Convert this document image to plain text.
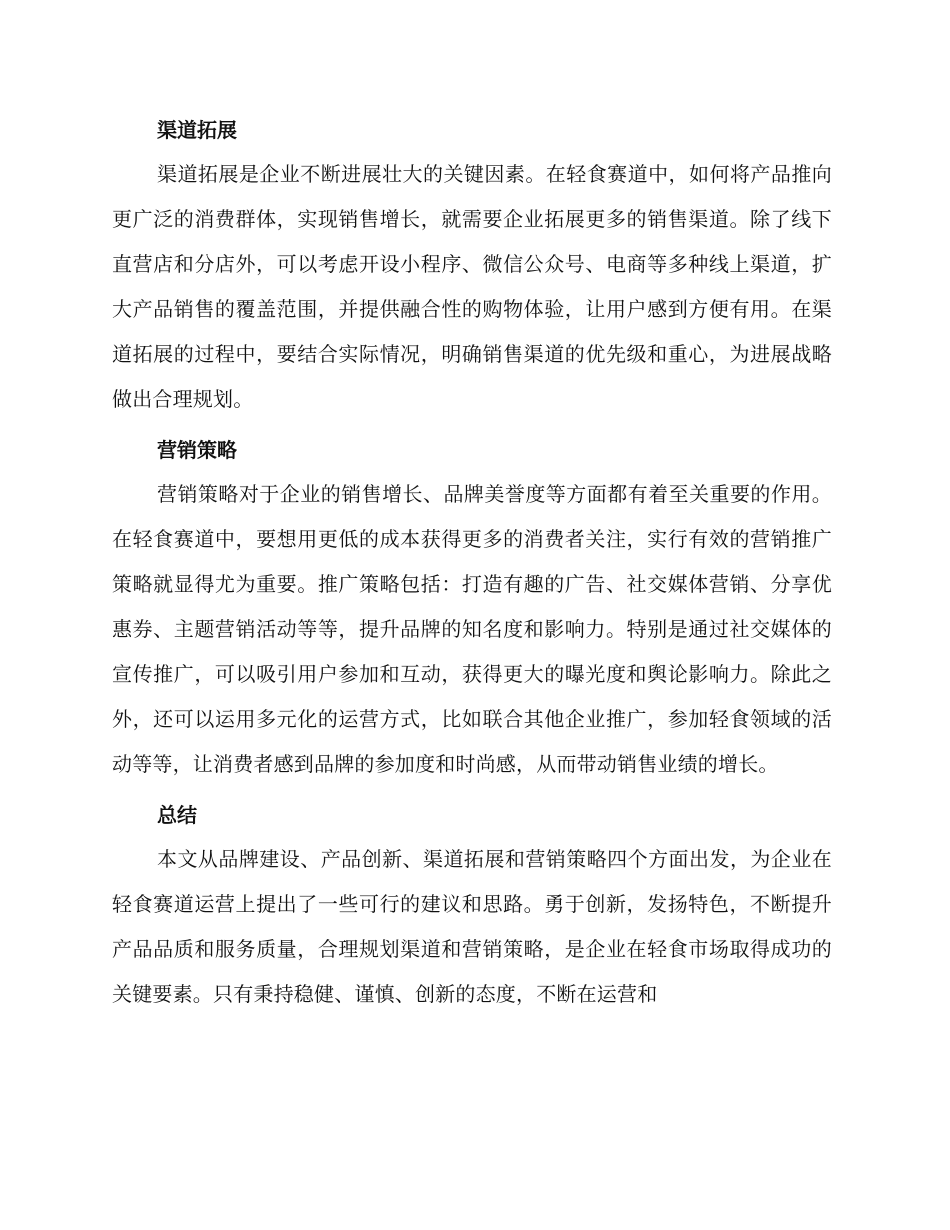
渠道拓展

渠道拓展是企业不断进展壮大的关键因素。在轻食赛道中，如何将产品推向更广泛的消费群体，实现销售增长，就需要企业拓展更多的销售渠道。除了线下直营店和分店外，可以考虑开设小程序、微信公众号、电商等多种线上渠道，扩大产品销售的覆盖范围，并提供融合性的购物体验，让用户感到方便有用。在渠道拓展的过程中，要结合实际情况，明确销售渠道的优先级和重心，为进展战略做出合理规划。

营销策略

营销策略对于企业的销售增长、品牌美誉度等方面都有着至关重要的作用。在轻食赛道中，要想用更低的成本获得更多的消费者关注，实行有效的营销推广策略就显得尤为重要。推广策略包括：打造有趣的广告、社交媒体营销、分享优惠券、主题营销活动等等，提升品牌的知名度和影响力。特别是通过社交媒体的宣传推广，可以吸引用户参加和互动，获得更大的曝光度和舆论影响力。除此之外，还可以运用多元化的运营方式，比如联合其他企业推广，参加轻食领域的活动等等，让消费者感到品牌的参加度和时尚感，从而带动销售业绩的增长。

总结

本文从品牌建设、产品创新、渠道拓展和营销策略四个方面出发，为企业在轻食赛道运营上提出了一些可行的建议和思路。勇于创新，发扬特色，不断提升产品品质和服务质量，合理规划渠道和营销策略，是企业在轻食市场取得成功的关键要素。只有秉持稳健、谨慎、创新的态度，不断在运营和
